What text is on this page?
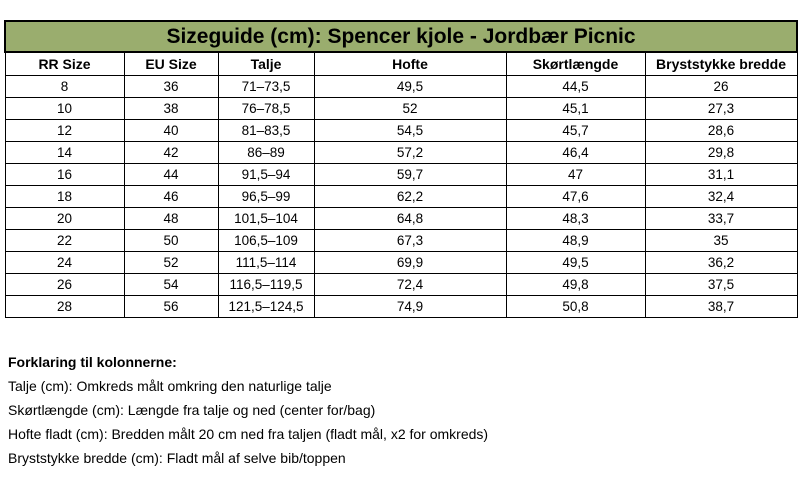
Sizeguide (cm): Spencer kjole - Jordbær Picnic					
RR Size	EU Size	Talje	Hofte	Skørtlængde	Bryststykke bredde
8	36	71–73,5	49,5	44,5	26
10	38	76–78,5	52	45,1	27,3
12	40	81–83,5	54,5	45,7	28,6
14	42	86–89	57,2	46,4	29,8
16	44	91,5–94	59,7	47	31,1
18	46	96,5–99	62,2	47,6	32,4
20	48	101,5–104	64,8	48,3	33,7
22	50	106,5–109	67,3	48,9	35
24	52	111,5–114	69,9	49,5	36,2
26	54	116,5–119,5	72,4	49,8	37,5
28	56	121,5–124,5	74,9	50,8	38,7
Forklaring til kolonnerne:
Talje (cm): Omkreds målt omkring den naturlige talje
Skørtlængde (cm): Længde fra talje og ned (center for/bag)
Hofte fladt (cm): Bredden målt 20 cm ned fra taljen (fladt mål, x2 for omkreds)
Bryststykke bredde (cm): Fladt mål af selve bib/toppen
